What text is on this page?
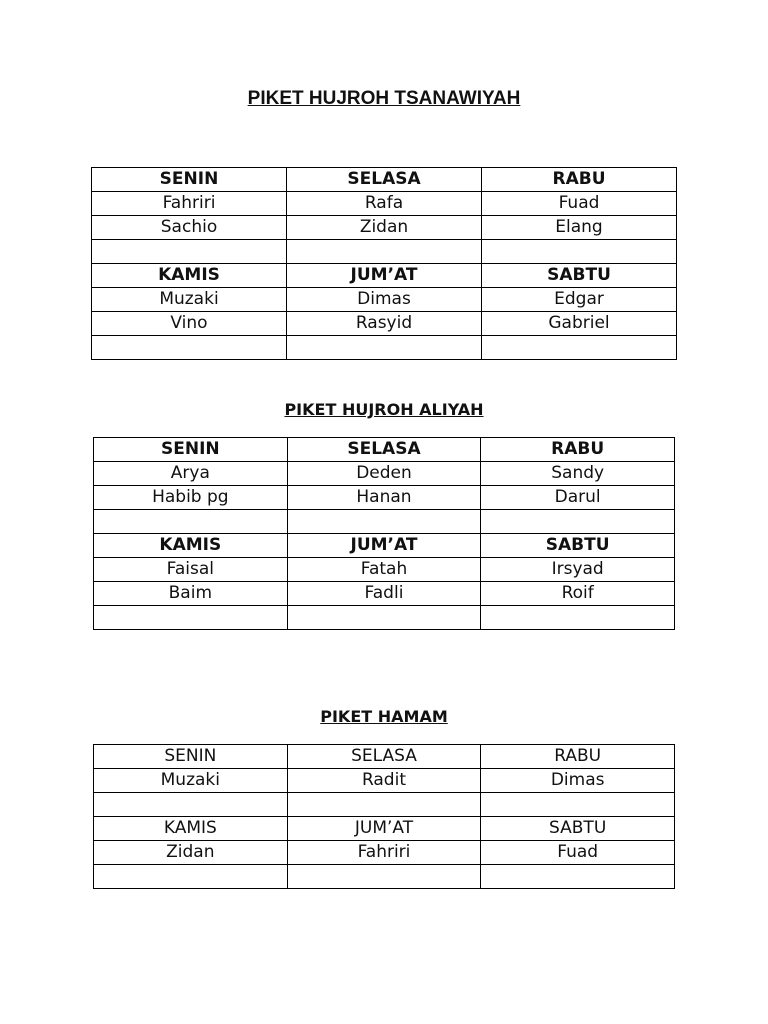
PIKET HUJROH TSANAWIYAH
SENIN	SELASA	RABU
Fahriri	Rafa	Fuad
Sachio	Zidan	Elang

KAMIS	JUM’AT	SABTU
Muzaki	Dimas	Edgar
Vino	Rasyid	Gabriel

PIKET HUJROH ALIYAH
SENIN	SELASA	RABU
Arya	Deden	Sandy
Habib pg	Hanan	Darul

KAMIS	JUM’AT	SABTU
Faisal	Fatah	Irsyad
Baim	Fadli	Roif

PIKET HAMAM
SENIN	SELASA	RABU
Muzaki	Radit	Dimas

KAMIS	JUM’AT	SABTU
Zidan	Fahriri	Fuad
